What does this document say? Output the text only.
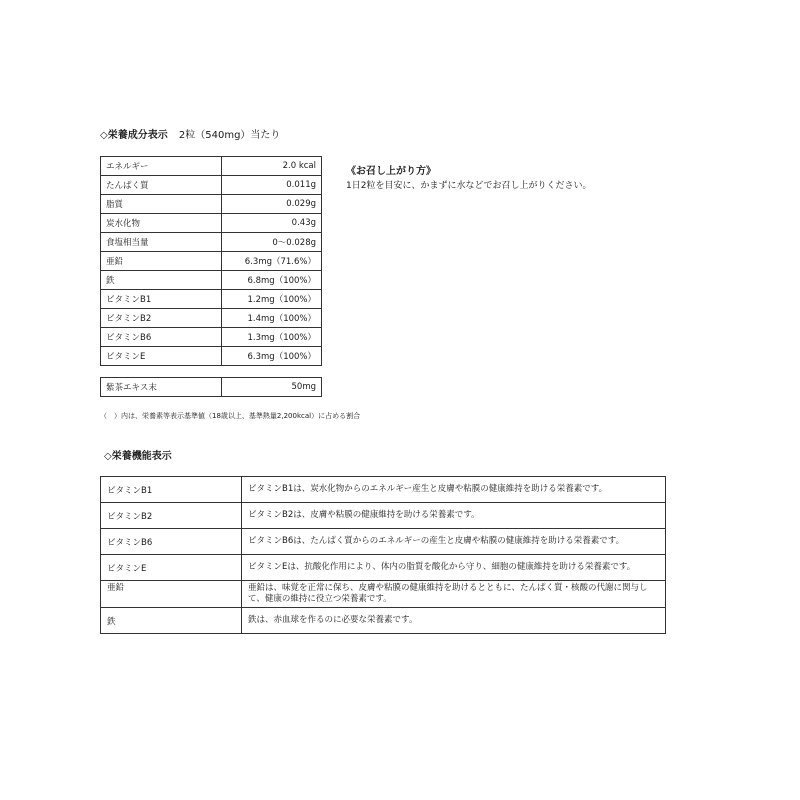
◇栄養成分表示 2粒（540mg）当たり
エネルギー	2.0 kcal
たんぱく質	0.011g
脂質	0.029g
炭水化物	0.43g
食塩相当量	0～0.028g
亜鉛	6.3mg（71.6%）
鉄	6.8mg（100%）
ビタミンB1	1.2mg（100%）
ビタミンB2	1.4mg（100%）
ビタミンB6	1.3mg（100%）
ビタミンE	6.3mg（100%）
紫茶エキス末	50mg
《お召し上がり方》
1日2粒を目安に、かまずに水などでお召し上がりください。
（　）内は、栄養素等表示基準値（18歳以上、基準熱量2,200kcal）に占める割合
◇栄養機能表示
ビタミンB1	ビタミンB1は、炭水化物からのエネルギー産生と皮膚や粘膜の健康維持を助ける栄養素です。
ビタミンB2	ビタミンB2は、皮膚や粘膜の健康維持を助ける栄養素です。
ビタミンB6	ビタミンB6は、たんぱく質からのエネルギーの産生と皮膚や粘膜の健康維持を助ける栄養素です。
ビタミンE	ビタミンEは、抗酸化作用により、体内の脂質を酸化から守り、細胞の健康維持を助ける栄養素です。
亜鉛	亜鉛は、味覚を正常に保ち、皮膚や粘膜の健康維持を助けるとともに、たんぱく質・核酸の代謝に関与して、健康の維持に役立つ栄養素です。
鉄	鉄は、赤血球を作るのに必要な栄養素です。
